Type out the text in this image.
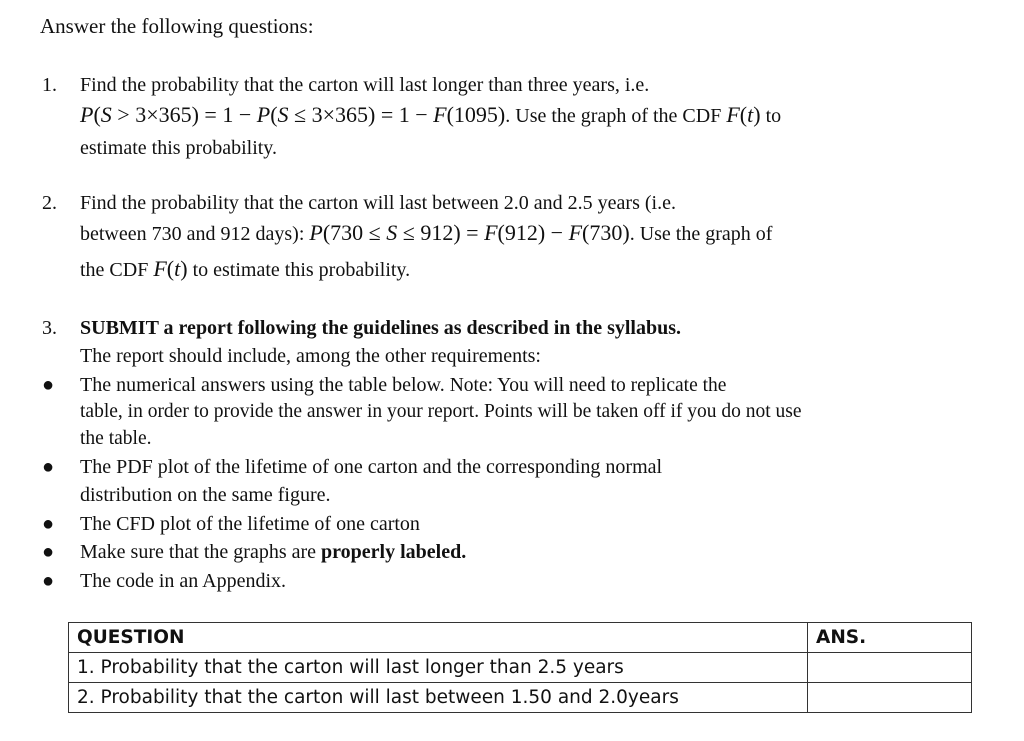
Answer the following questions:
1. Find the probability that the carton will last longer than three years, i.e.
P(S > 3×365) = 1 − P(S ≤ 3×365) = 1 − F(1095). Use the graph of the CDF F(t) to
estimate this probability.
2. Find the probability that the carton will last between 2.0 and 2.5 years (i.e.
between 730 and 912 days): P(730 ≤ S ≤ 912) = F(912) − F(730). Use the graph of
the CDF F(t) to estimate this probability.
3. SUBMIT a report following the guidelines as described in the syllabus.
The report should include, among the other requirements:
● The numerical answers using the table below. Note: You will need to replicate the
table, in order to provide the answer in your report. Points will be taken off if you do not use
the table.
● The PDF plot of the lifetime of one carton and the corresponding normal
distribution on the same figure.
● The CFD plot of the lifetime of one carton
● Make sure that the graphs are properly labeled.
● The code in an Appendix.
QUESTION	ANS.
1. Probability that the carton will last longer than 2.5 years	
2. Probability that the carton will last between 1.50 and 2.0years	
